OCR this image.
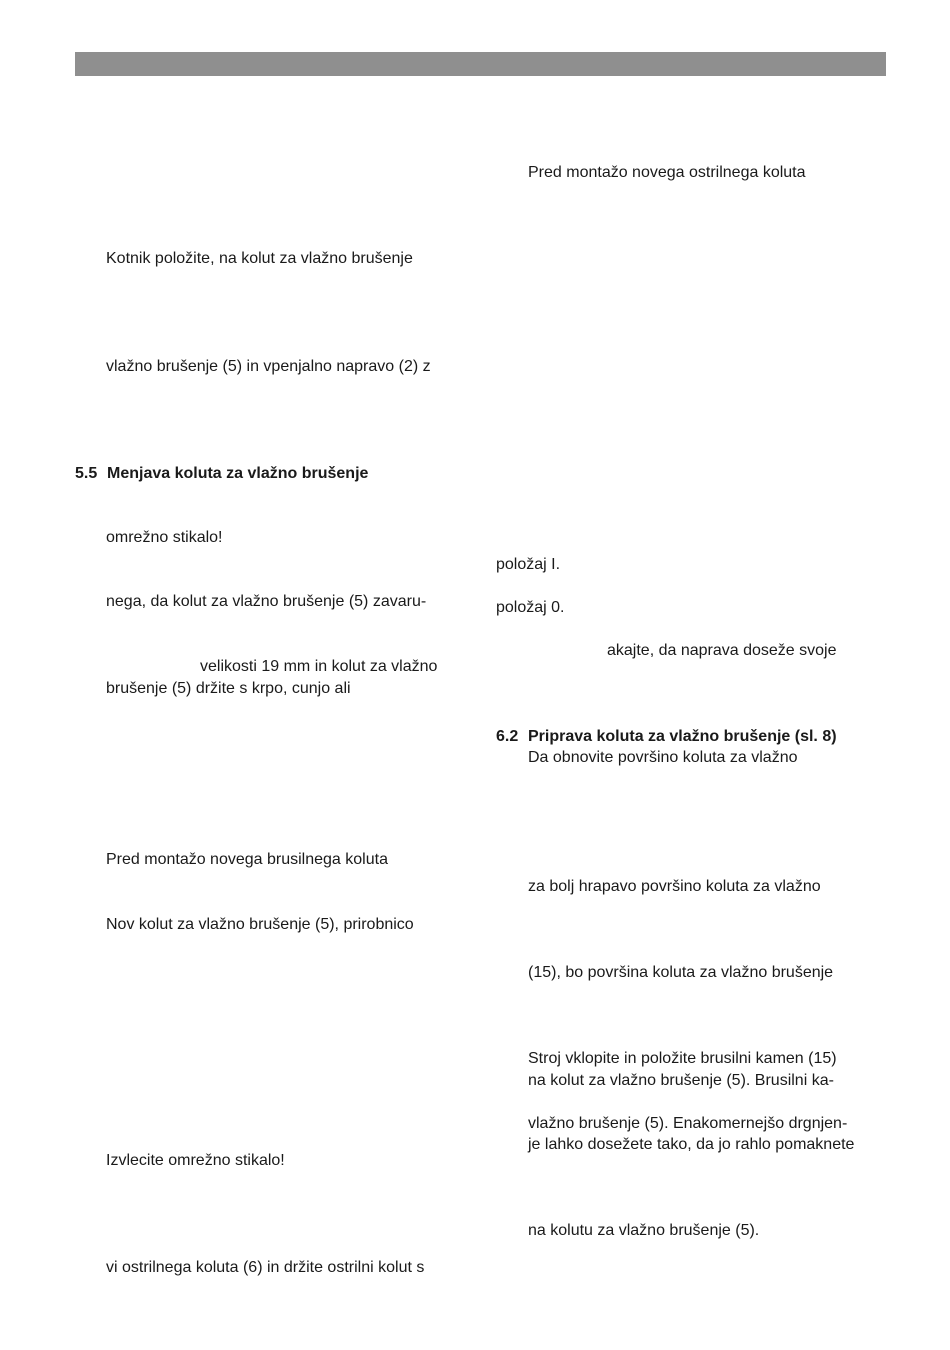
Kotnik položite, na kolut za vlažno brušenje
vlažno brušenje (5) in vpenjalno napravo (2) z
5.5 Menjava koluta za vlažno brušenje
omrežno stikalo!
nega, da kolut za vlažno brušenje (5) zavaru-
velikosti 19 mm in kolut za vlažno
brušenje (5) držite s krpo, cunjo ali
Pred montažo novega brusilnega koluta
Nov kolut za vlažno brušenje (5), prirobnico
Izvlecite omrežno stikalo!
vi ostrilnega koluta (6) in držite ostrilni kolut s
Pred montažo novega ostrilnega koluta
položaj I.
položaj 0.
akajte, da naprava doseže svoje
6.2 Priprava koluta za vlažno brušenje (sl. 8)
Da obnovite površino koluta za vlažno
za bolj hrapavo površino koluta za vlažno
(15), bo površina koluta za vlažno brušenje
Stroj vklopite in položite brusilni kamen (15)
na kolut za vlažno brušenje (5). Brusilni ka-
vlažno brušenje (5). Enakomernejšo drgnjen-
je lahko dosežete tako, da jo rahlo pomaknete
na kolutu za vlažno brušenje (5).
